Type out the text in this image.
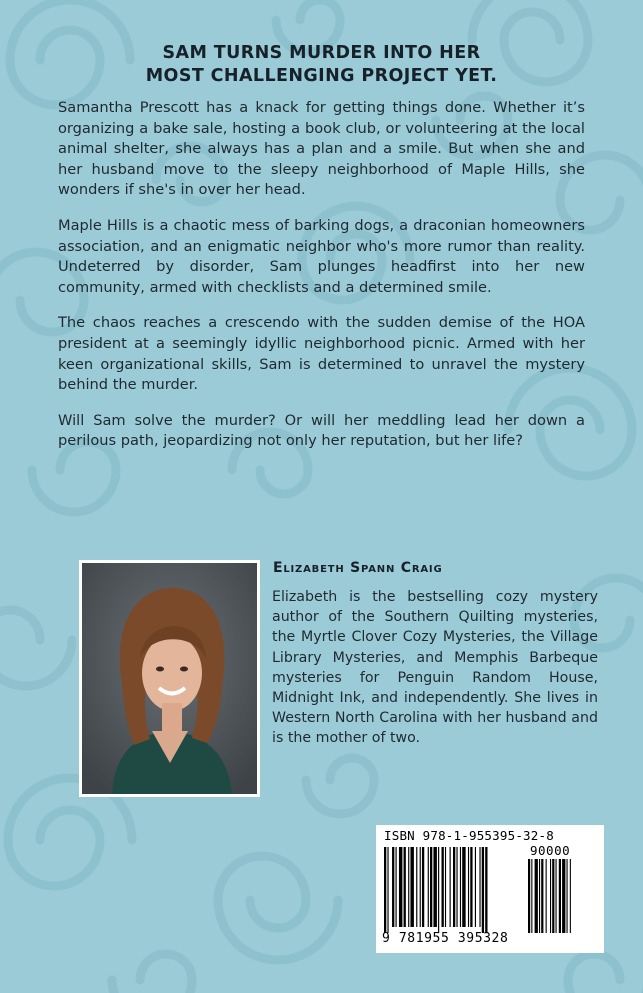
SAM TURNS MURDER INTO HER
MOST CHALLENGING PROJECT YET.

Samantha Prescott has a knack for getting things done. Whether it’s organizing a bake sale, hosting a book club, or volunteering at the local animal shelter, she always has a plan and a smile. But when she and her husband move to the sleepy neighborhood of Maple Hills, she wonders if she's in over her head.

Maple Hills is a chaotic mess of barking dogs, a draconian homeowners association, and an enigmatic neighbor who's more rumor than reality. Undeterred by disorder, Sam plunges headfirst into her new community, armed with checklists and a determined smile.

The chaos reaches a crescendo with the sudden demise of the HOA president at a seemingly idyllic neighborhood picnic. Armed with her keen organizational skills, Sam is determined to unravel the mystery behind the murder.

Will Sam solve the murder? Or will her meddling lead her down a perilous path, jeopardizing not only her reputation, but her life?

Elizabeth Spann Craig

Elizabeth is the bestselling cozy mystery author of the Southern Quilting mysteries, the Myrtle Clover Cozy Mysteries, the Village Library Mysteries, and Memphis Barbeque mysteries for Penguin Random House, Midnight Ink, and independently. She lives in Western North Carolina with her husband and is the mother of two.

ISBN 978-1-955395-32-8
90000
9 781955 395328
